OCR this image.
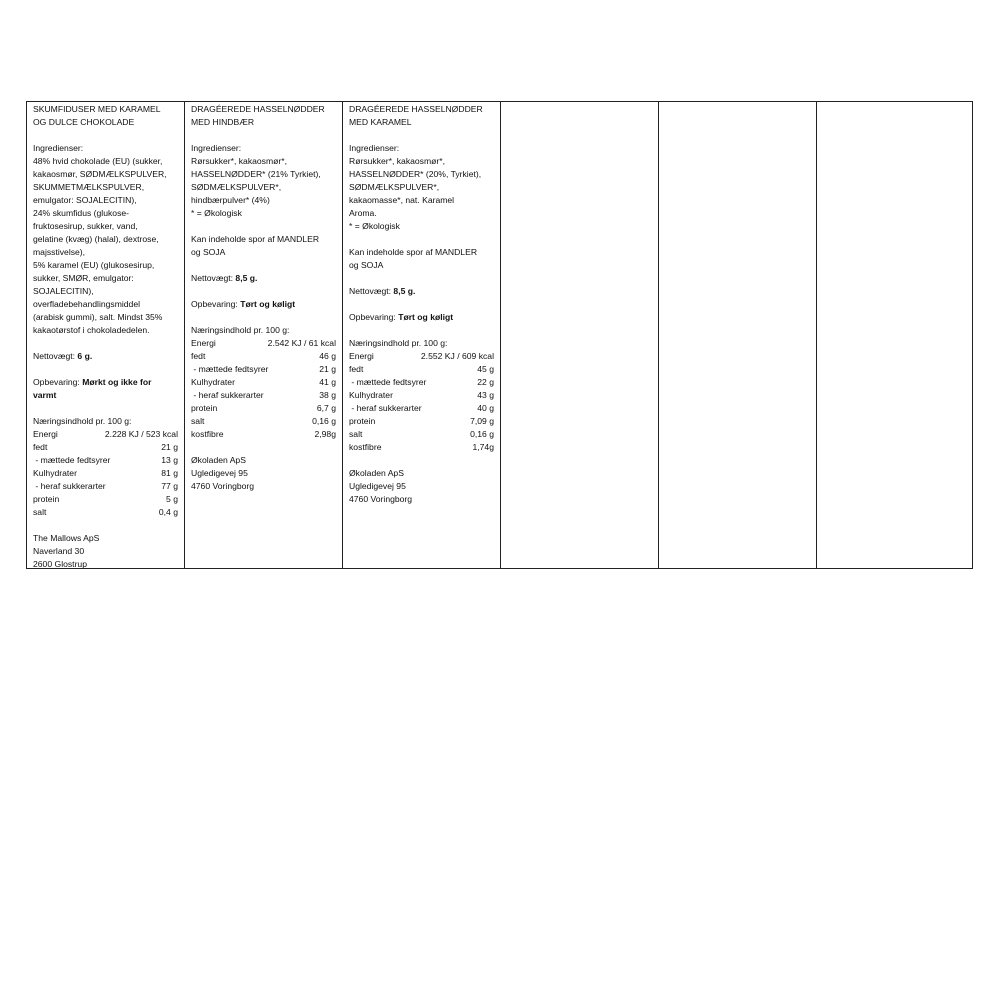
SKUMFIDUSER MED KARAMEL
OG DULCE CHOKOLADE
Ingredienser:
48% hvid chokolade (EU) (sukker,
kakaosmør, SØDMÆLKSPULVER,
SKUMMETMÆLKSPULVER,
emulgator: SOJALECITIN),
24% skumfidus (glukose-
fruktosesirup, sukker, vand,
gelatine (kvæg) (halal), dextrose,
majsstivelse),
5% karamel (EU) (glukosesirup,
sukker, SMØR, emulgator:
SOJALECITIN),
overfladebehandlingsmiddel
(arabisk gummi), salt. Mindst 35%
kakaotørstof i chokoladedelen.
Nettovægt: 6 g.
Opbevaring: Mørkt og ikke for
varmt
Næringsindhold pr. 100 g:
Energi	2.228 KJ / 523 kcal
fedt	21 g
- mættede fedtsyrer	13 g
Kulhydrater	81 g
- heraf sukkerarter	77 g
protein	5 g
salt	0,4 g
The Mallows ApS
Naverland 30
2600 Glostrup
DRAGÉEREDE HASSELNØDDER
MED HINDBÆR
Ingredienser:
Rørsukker*, kakaosmør*,
HASSELNØDDER* (21% Tyrkiet),
SØDMÆLKSPULVER*,
hindbærpulver* (4%)
* = Økologisk
Kan indeholde spor af MANDLER
og SOJA
Nettovægt: 8,5 g.
Opbevaring: Tørt og køligt
Næringsindhold pr. 100 g:
Energi	2.542 KJ / 61 kcal
fedt	46 g
- mættede fedtsyrer	21 g
Kulhydrater	41 g
- heraf sukkerarter	38 g
protein	6,7 g
salt	0,16 g
kostfibre	2,98g
Økoladen ApS
Ugledigevej 95
4760 Voringborg
DRAGÉEREDE HASSELNØDDER
MED KARAMEL
Ingredienser:
Rørsukker*, kakaosmør*,
HASSELNØDDER* (20%, Tyrkiet),
SØDMÆLKSPULVER*,
kakaomasse*, nat. Karamel
Aroma.
* = Økologisk
Kan indeholde spor af MANDLER
og SOJA
Nettovægt: 8,5 g.
Opbevaring: Tørt og køligt
Næringsindhold pr. 100 g:
Energi	2.552 KJ / 609 kcal
fedt	45 g
- mættede fedtsyrer	22 g
Kulhydrater	43 g
- heraf sukkerarter	40 g
protein	7,09 g
salt	0,16 g
kostfibre	1,74g
Økoladen ApS
Ugledigevej 95
4760 Voringborg
